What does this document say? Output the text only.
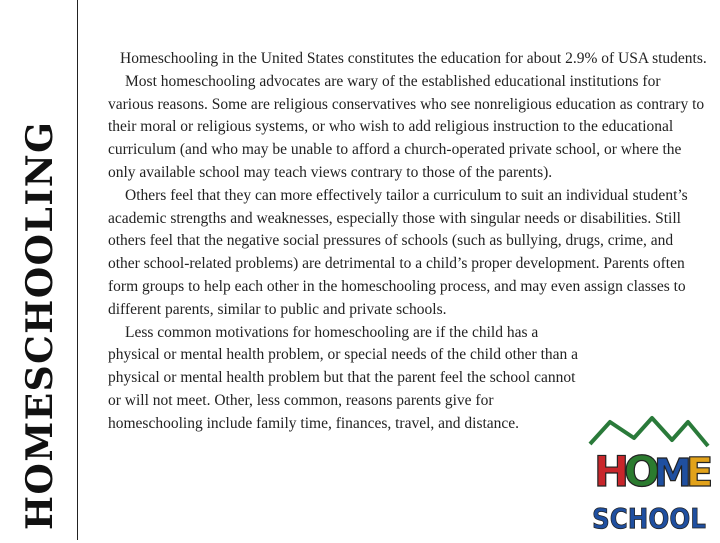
HOMESCHOOLING

Homeschooling in the United States constitutes the education for about 2.9% of USA students.

Most homeschooling advocates are wary of the established educational institutions for various reasons. Some are religious conservatives who see nonreligious education as contrary to their moral or religious systems, or who wish to add religious instruction to the educational curriculum (and who may be unable to afford a church-operated private school, or where the only available school may teach views contrary to those of the parents).

Others feel that they can more effectively tailor a curriculum to suit an individual student’s academic strengths and weaknesses, especially those with singular needs or disabilities. Still others feel that the negative social pressures of schools (such as bullying, drugs, crime, and other school-related problems) are detrimental to a child’s proper development. Parents often form groups to help each other in the homeschooling process, and may even assign classes to different parents, similar to public and private schools.

Less common motivations for homeschooling are if the child has a physical or mental health problem, or special needs of the child other than a physical or mental health problem but that the parent feel the school cannot or will not meet. Other, less common, reasons parents give for homeschooling include family time, finances, travel, and distance.

H
O
M
E
SCHOOL
